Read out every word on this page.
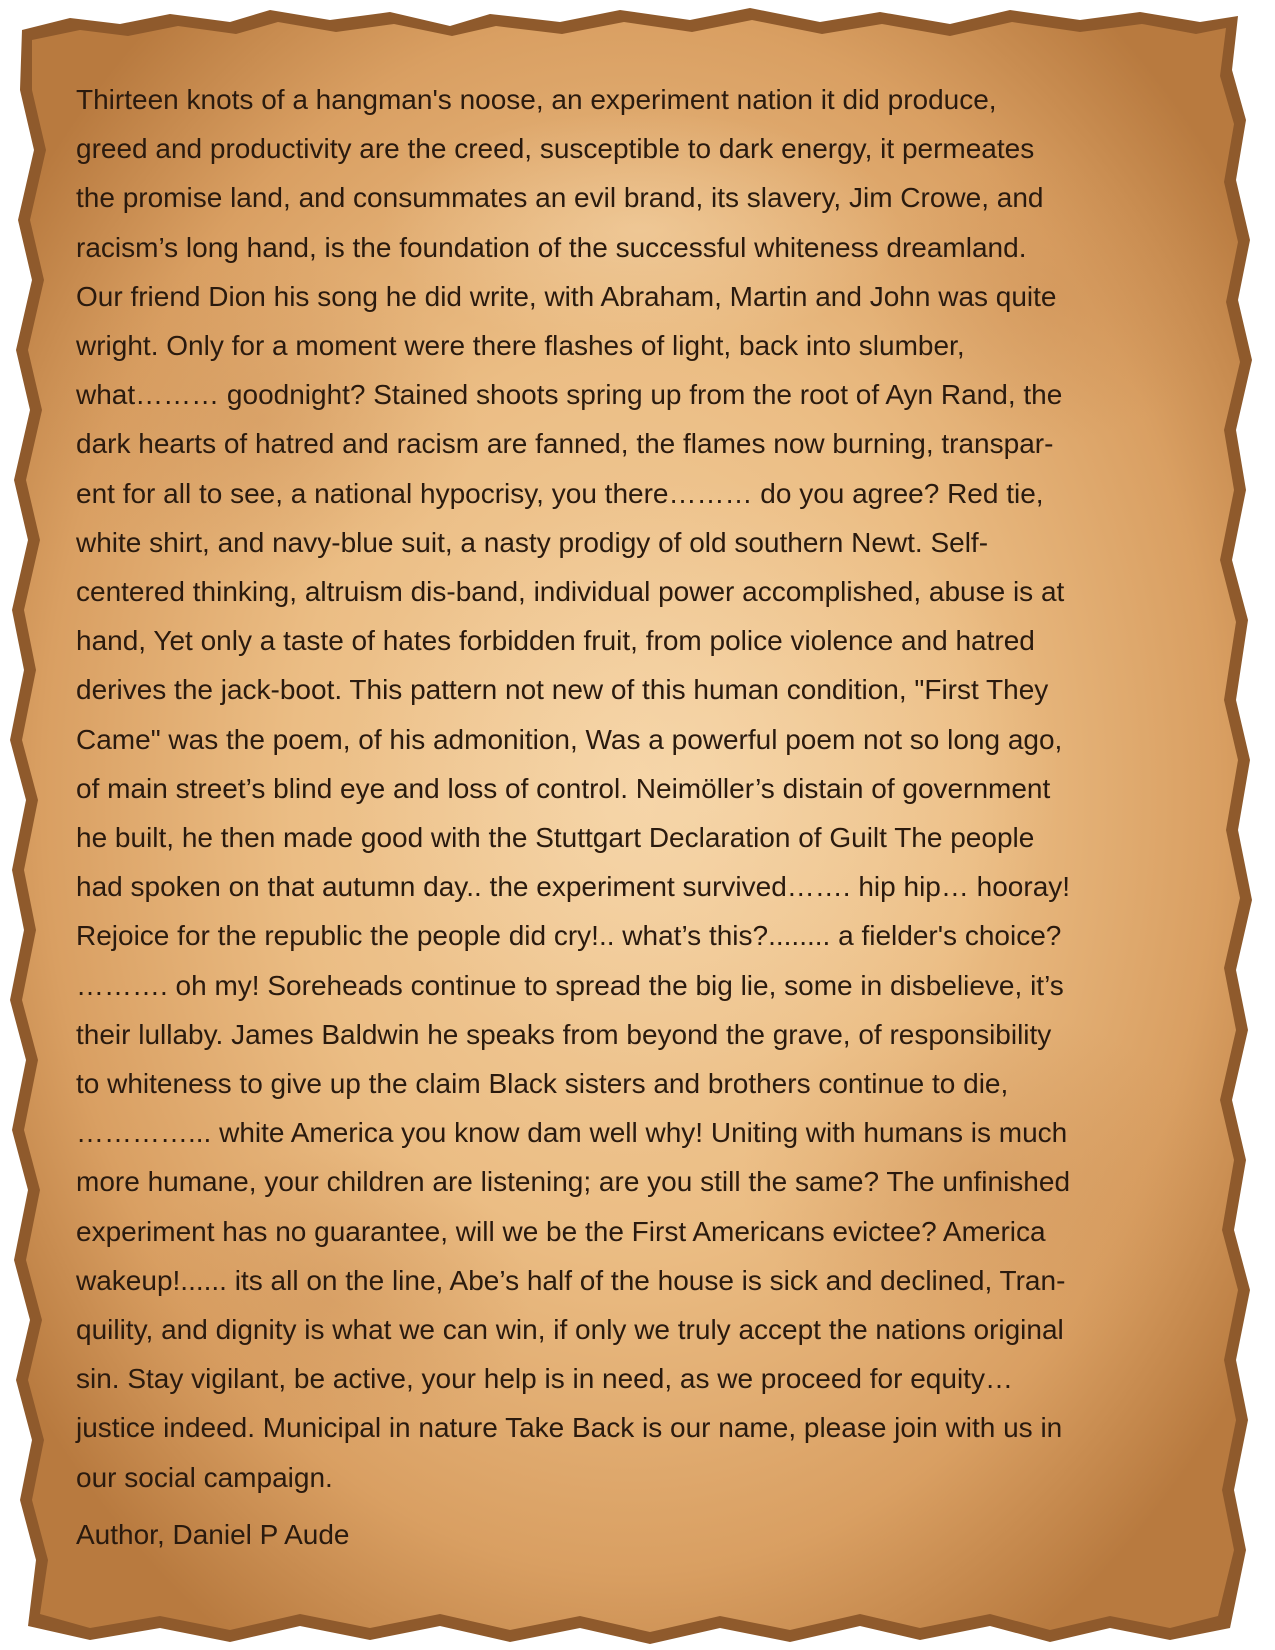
Thirteen knots of a hangman's noose, an experiment nation it did produce,
greed and productivity are the creed, susceptible to dark energy, it permeates
the promise land, and consummates an evil brand, its slavery, Jim Crowe, and
racism’s long hand, is the foundation of the successful whiteness dreamland.
Our friend Dion his song he did write, with Abraham, Martin and John was quite
wright. Only for a moment were there flashes of light, back into slumber,
what……… goodnight? Stained shoots spring up from the root of Ayn Rand, the
dark hearts of hatred and racism are fanned, the flames now burning, transpar-
ent for all to see, a national hypocrisy, you there……… do you agree? Red tie,
white shirt, and navy-blue suit, a nasty prodigy of old southern Newt. Self-
centered thinking, altruism dis-band, individual power accomplished, abuse is at
hand, Yet only a taste of hates forbidden fruit, from police violence and hatred
derives the jack-boot. This pattern not new of this human condition, "First They
Came" was the poem, of his admonition, Was a powerful poem not so long ago,
of main street’s blind eye and loss of control. Neimöller’s distain of government
he built, he then made good with the Stuttgart Declaration of Guilt The people
had spoken on that autumn day.. the experiment survived……. hip hip… hooray!
Rejoice for the republic the people did cry!.. what’s this?........ a fielder's choice?
………. oh my! Soreheads continue to spread the big lie, some in disbelieve, it’s
their lullaby. James Baldwin he speaks from beyond the grave, of responsibility
to whiteness to give up the claim Black sisters and brothers continue to die,
…………... white America you know dam well why! Uniting with humans is much
more humane, your children are listening; are you still the same? The unfinished
experiment has no guarantee, will we be the First Americans evictee? America
wakeup!...... its all on the line, Abe’s half of the house is sick and declined, Tran-
quility, and dignity is what we can win, if only we truly accept the nations original
sin. Stay vigilant, be active, your help is in need, as we proceed for equity…
justice indeed. Municipal in nature Take Back is our name, please join with us in
our social campaign.

Author, Daniel P Aude
